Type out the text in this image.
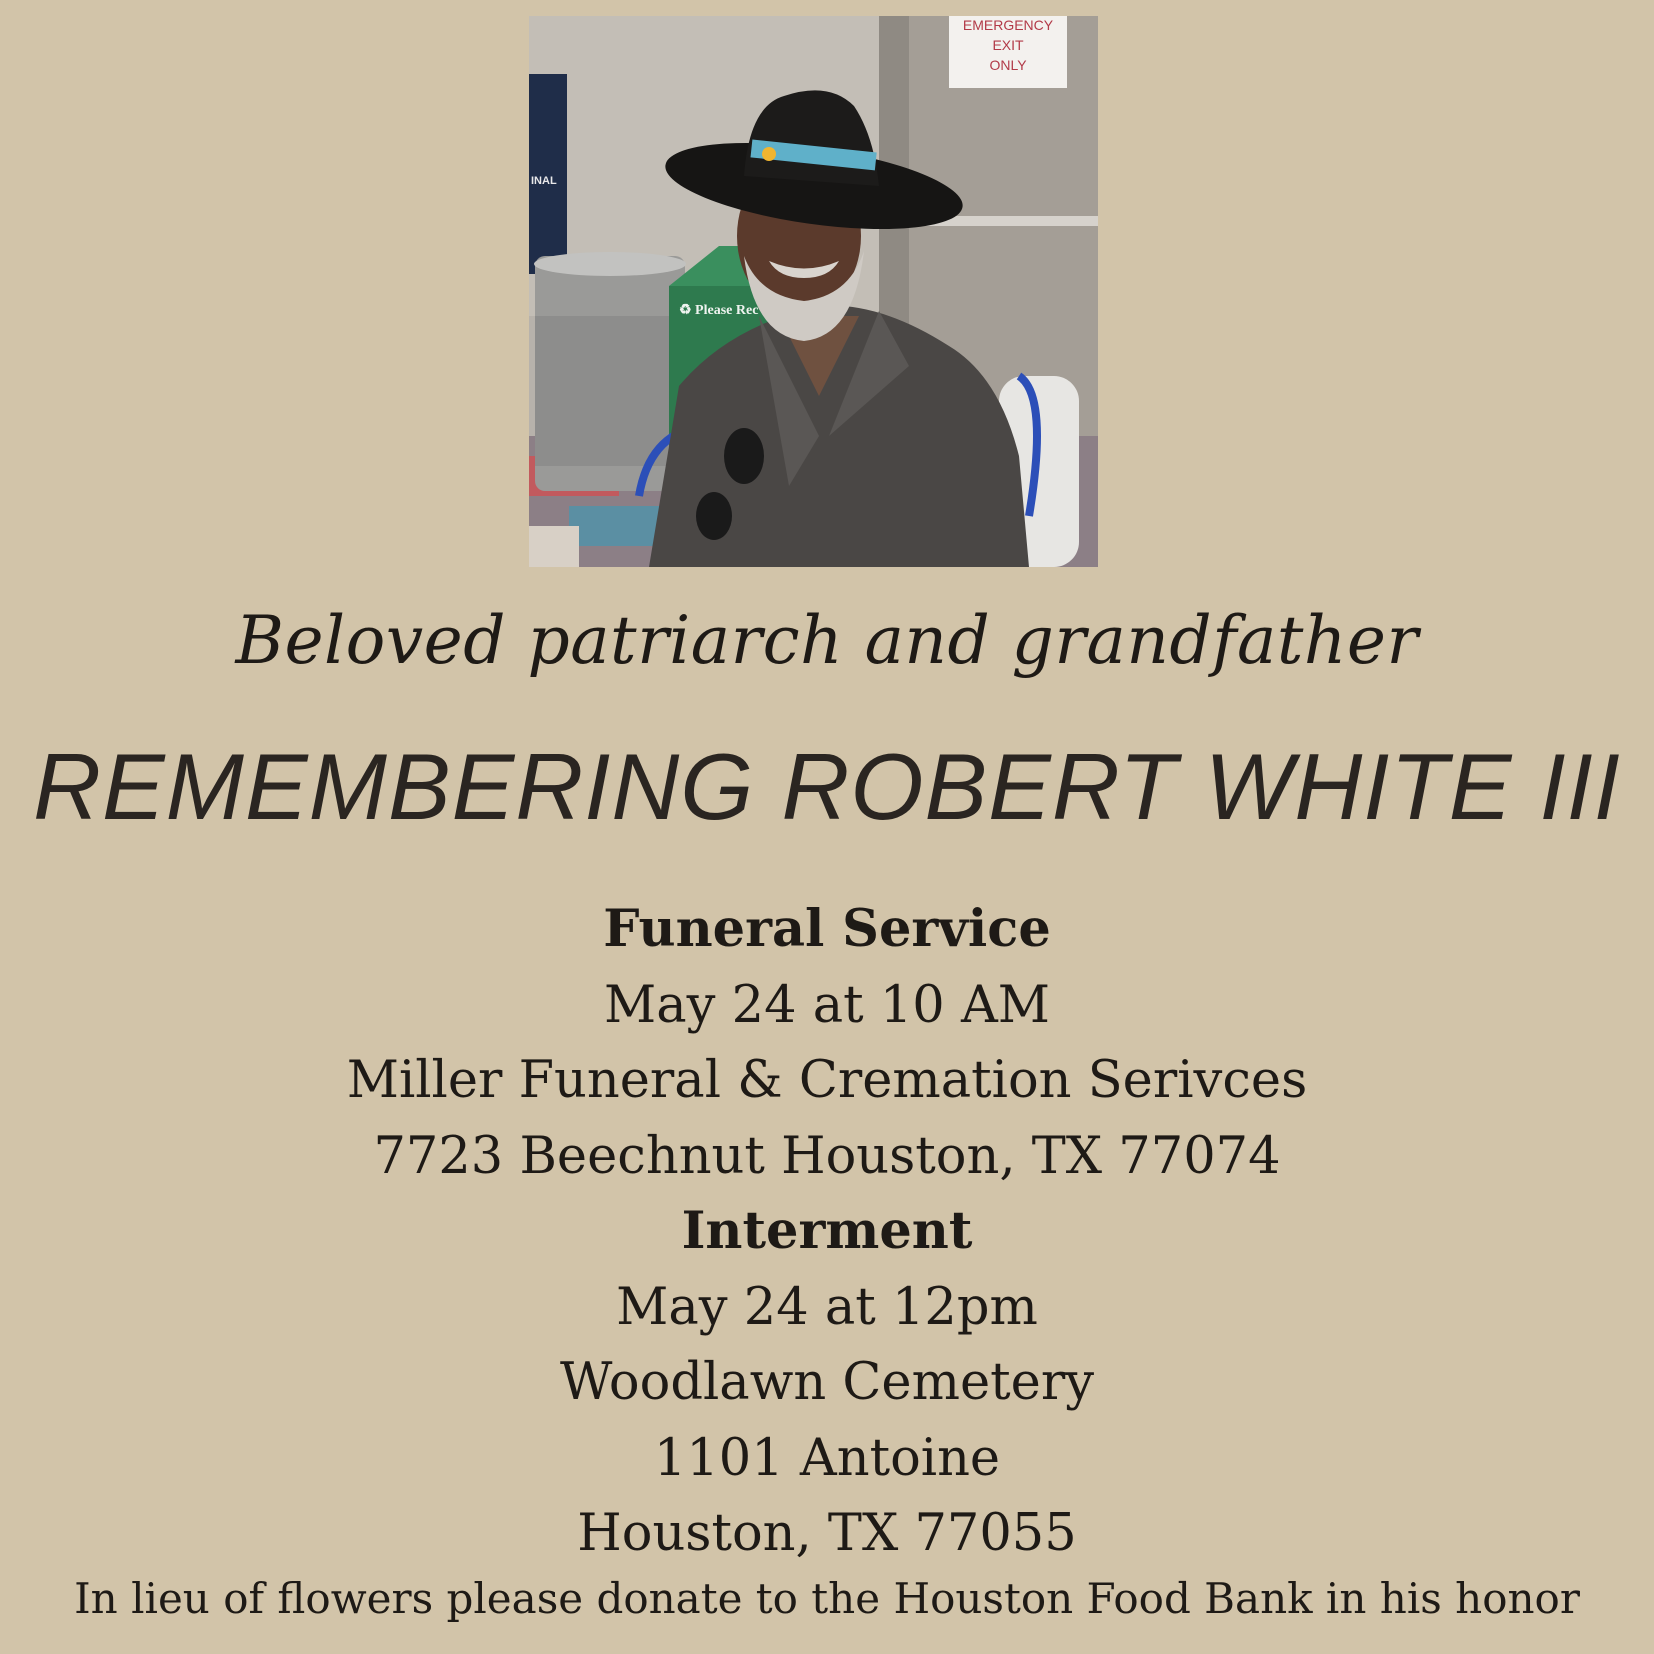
EMERGENCY
EXIT
ONLY
INAL
♻ Please Rec
Beloved patriarch and grandfather
REMEMBERING ROBERT WHITE III
Funeral Service
May 24 at 10 AM
Miller Funeral & Cremation Serivces
7723 Beechnut Houston, TX 77074
Interment
May 24 at 12pm
Woodlawn Cemetery
1101 Antoine
Houston, TX 77055
In lieu of flowers please donate to the Houston Food Bank in his honor
